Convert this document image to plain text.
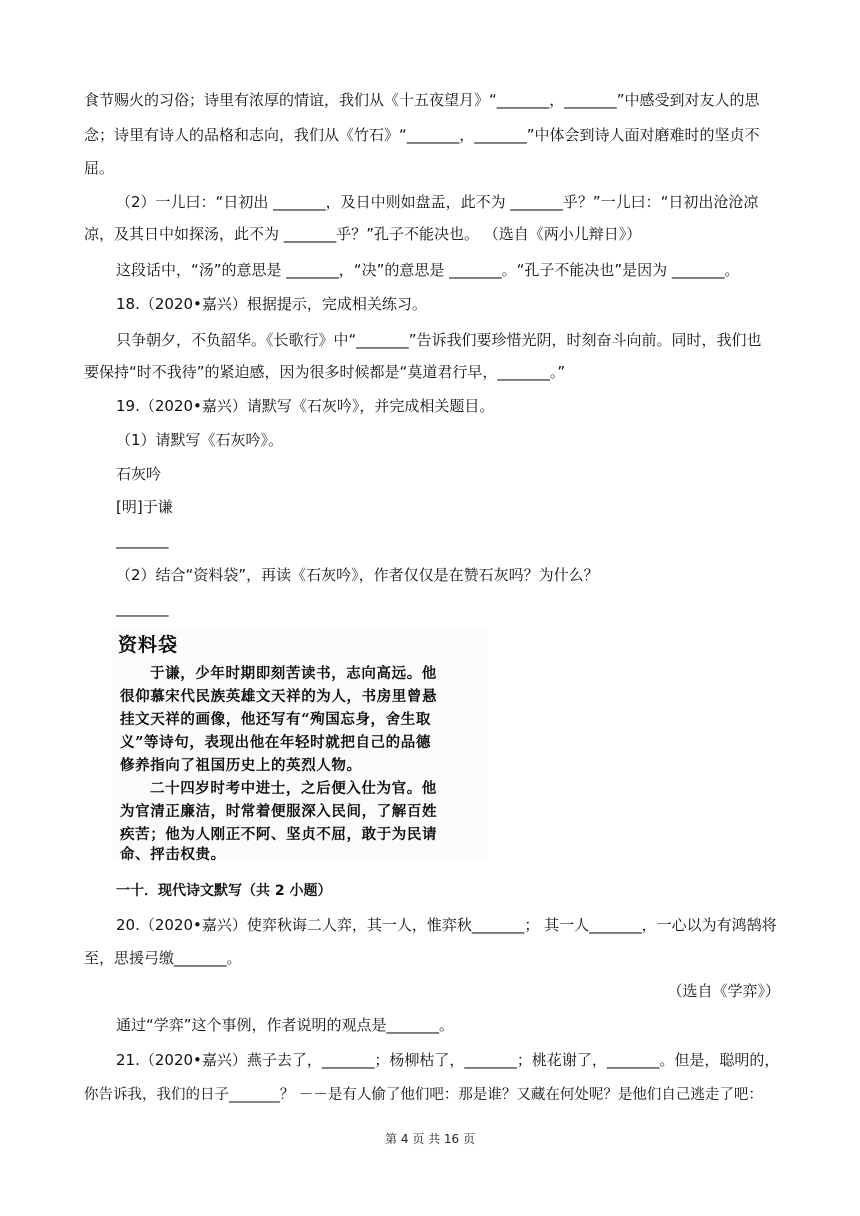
食节赐火的习俗；诗里有浓厚的情谊，我们从《十五夜望月》“_______，_______”中感受到对友人的思
念；诗里有诗人的品格和志向，我们从《竹石》“_______，_______”中体会到诗人面对磨难时的坚贞不
屈。
（2）一儿曰：“日初出 _______，及日中则如盘盂，此不为 _______乎？”一儿曰：“日初出沧沧凉
凉，及其日中如探汤，此不为 _______乎？”孔子不能决也。 （选自《两小儿辩日》）
这段话中，“汤”的意思是 _______，“决”的意思是 _______。“孔子不能决也”是因为 _______。
18.（2020•嘉兴）根据提示，完成相关练习。
只争朝夕，不负韶华。《长歌行》中“_______”告诉我们要珍惜光阴，时刻奋斗向前。同时，我们也
要保持“时不我待”的紧迫感，因为很多时候都是“莫道君行早，_______。”
19.（2020•嘉兴）请默写《石灰吟》，并完成相关题目。
（1）请默写《石灰吟》。
石灰吟
[明]于谦
_______
（2）结合“资料袋”，再读《石灰吟》，作者仅仅是在赞石灰吗？为什么？
_______
资料袋
于谦，少年时期即刻苦读书，志向高远。他
很仰慕宋代民族英雄文天祥的为人，书房里曾悬
挂文天祥的画像，他还写有“殉国忘身，舍生取
义”等诗句，表现出他在年轻时就把自己的品德
修养指向了祖国历史上的英烈人物。
二十四岁时考中进士，之后便入仕为官。他
为官清正廉洁，时常着便服深入民间，了解百姓
疾苦；他为人刚正不阿、坚贞不屈，敢于为民请
命、抨击权贵。
一十．现代诗文默写（共 2 小题）
20.（2020•嘉兴）使弈秋诲二人弈，其一人，惟弈秋_______； 其一人_______，一心以为有鸿鹄将
至，思援弓缴_______。
（选自《学弈》）
通过“学弈”这个事例，作者说明的观点是_______。
21.（2020•嘉兴）燕子去了，_______；杨柳枯了，_______；桃花谢了，_______。但是，聪明的，
你告诉我，我们的日子_______？ －－是有人偷了他们吧：那是谁？又藏在何处呢？是他们自己逃走了吧：
第 4 页 共 16 页
